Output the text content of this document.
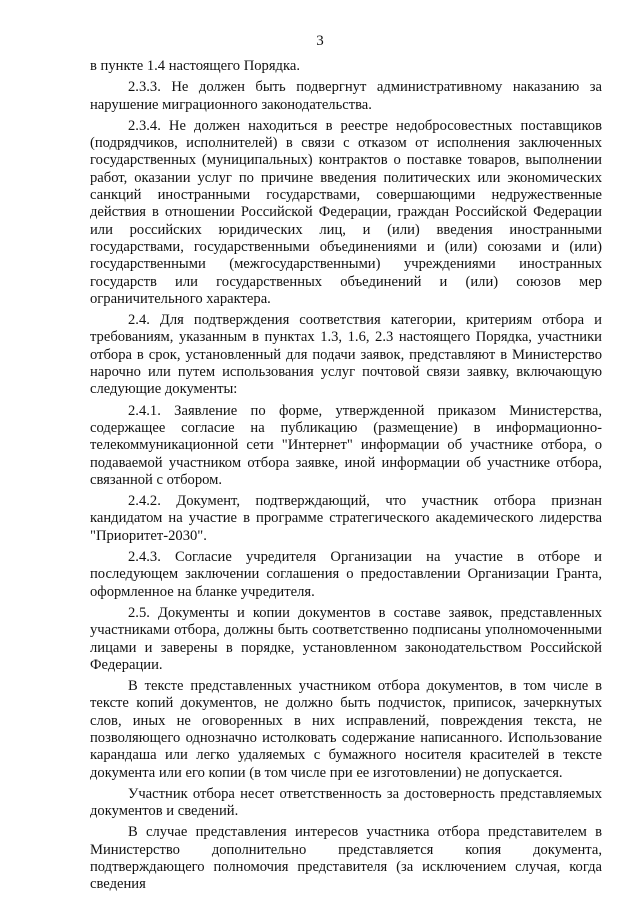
3

в пункте 1.4 настоящего Порядка.

2.3.3. Не должен быть подвергнут административному наказанию за нарушение миграционного законодательства.

2.3.4. Не должен находиться в реестре недобросовестных поставщиков (подрядчиков, исполнителей) в связи с отказом от исполнения заключенных государственных (муниципальных) контрактов о поставке товаров, выполнении работ, оказании услуг по причине введения политических или экономических санкций иностранными государствами, совершающими недружественные действия в отношении Российской Федерации, граждан Российской Федерации или российских юридических лиц, и (или) введения иностранными государствами, государственными объединениями и (или) союзами и (или) государственными (межгосударственными) учреждениями иностранных государств или государственных объединений и (или) союзов мер ограничительного характера.

2.4. Для подтверждения соответствия категории, критериям отбора и требованиям, указанным в пунктах 1.3, 1.6, 2.3 настоящего Порядка, участники отбора в срок, установленный для подачи заявок, представляют в Министерство нарочно или путем использования услуг почтовой связи заявку, включающую следующие документы:

2.4.1. Заявление по форме, утвержденной приказом Министерства, содержащее согласие на публикацию (размещение) в информационно-телекоммуникационной сети "Интернет" информации об участнике отбора, о подаваемой участником отбора заявке, иной информации об участнике отбора, связанной с отбором.

2.4.2. Документ, подтверждающий, что участник отбора признан кандидатом на участие в программе стратегического академического лидерства "Приоритет-2030".

2.4.3. Согласие учредителя Организации на участие в отборе и последующем заключении соглашения о предоставлении Организации Гранта, оформленное на бланке учредителя.

2.5. Документы и копии документов в составе заявок, представленных участниками отбора, должны быть соответственно подписаны уполномоченными лицами и заверены в порядке, установленном законодательством Российской Федерации.

В тексте представленных участником отбора документов, в том числе в тексте копий документов, не должно быть подчисток, приписок, зачеркнутых слов, иных не оговоренных в них исправлений, повреждения текста, не позволяющего однозначно истолковать содержание написанного. Использование карандаша или легко удаляемых с бумажного носителя красителей в тексте документа или его копии (в том числе при ее изготовлении) не допускается.

Участник отбора несет ответственность за достоверность представляемых документов и сведений.

В случае представления интересов участника отбора представителем в Министерство дополнительно представляется копия документа, подтверждающего полномочия представителя (за исключением случая, когда сведения
